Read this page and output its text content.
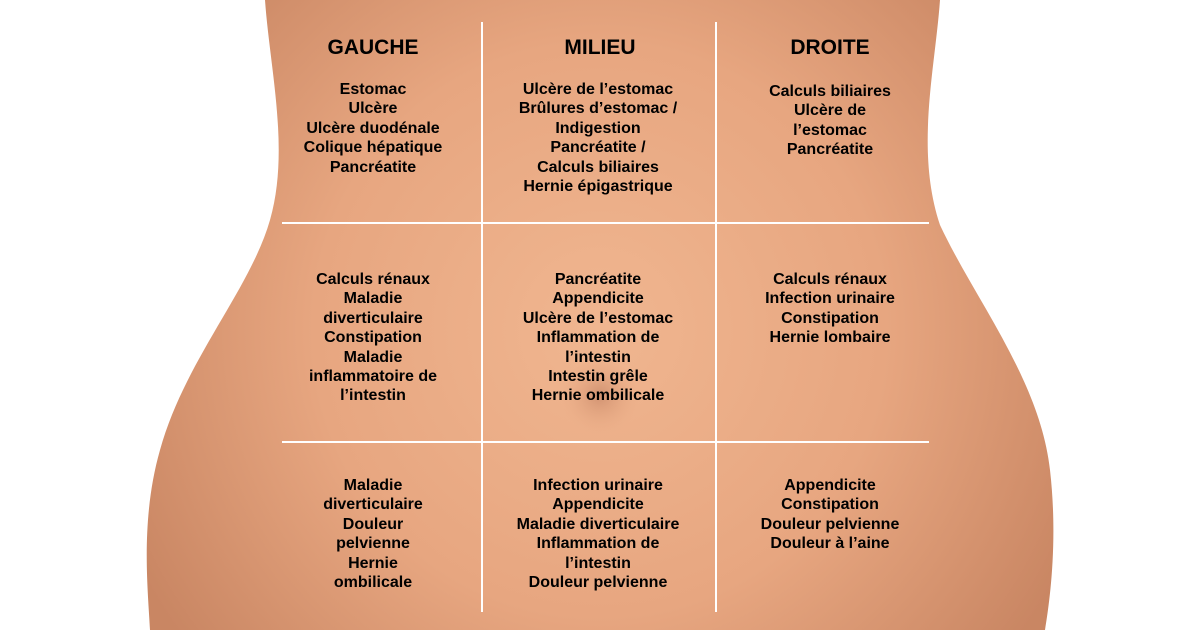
GAUCHE	MILIEU	DROITE
Estomac
Ulcère
Ulcère duodénale
Colique hépatique
Pancréatite
Ulcère de l’estomac
Brûlures d’estomac /
Indigestion
Pancréatite /
Calculs biliaires
Hernie épigastrique
Calculs biliaires
Ulcère de
l’estomac
Pancréatite
Calculs rénaux
Maladie
diverticulaire
Constipation
Maladie
inflammatoire de
l’intestin
Pancréatite
Appendicite
Ulcère de l’estomac
Inflammation de
l’intestin
Intestin grêle
Hernie ombilicale
Calculs rénaux
Infection urinaire
Constipation
Hernie lombaire
Maladie
diverticulaire
Douleur
pelvienne
Hernie
ombilicale
Infection urinaire
Appendicite
Maladie diverticulaire
Inflammation de
l’intestin
Douleur pelvienne
Appendicite
Constipation
Douleur pelvienne
Douleur à l’aine
